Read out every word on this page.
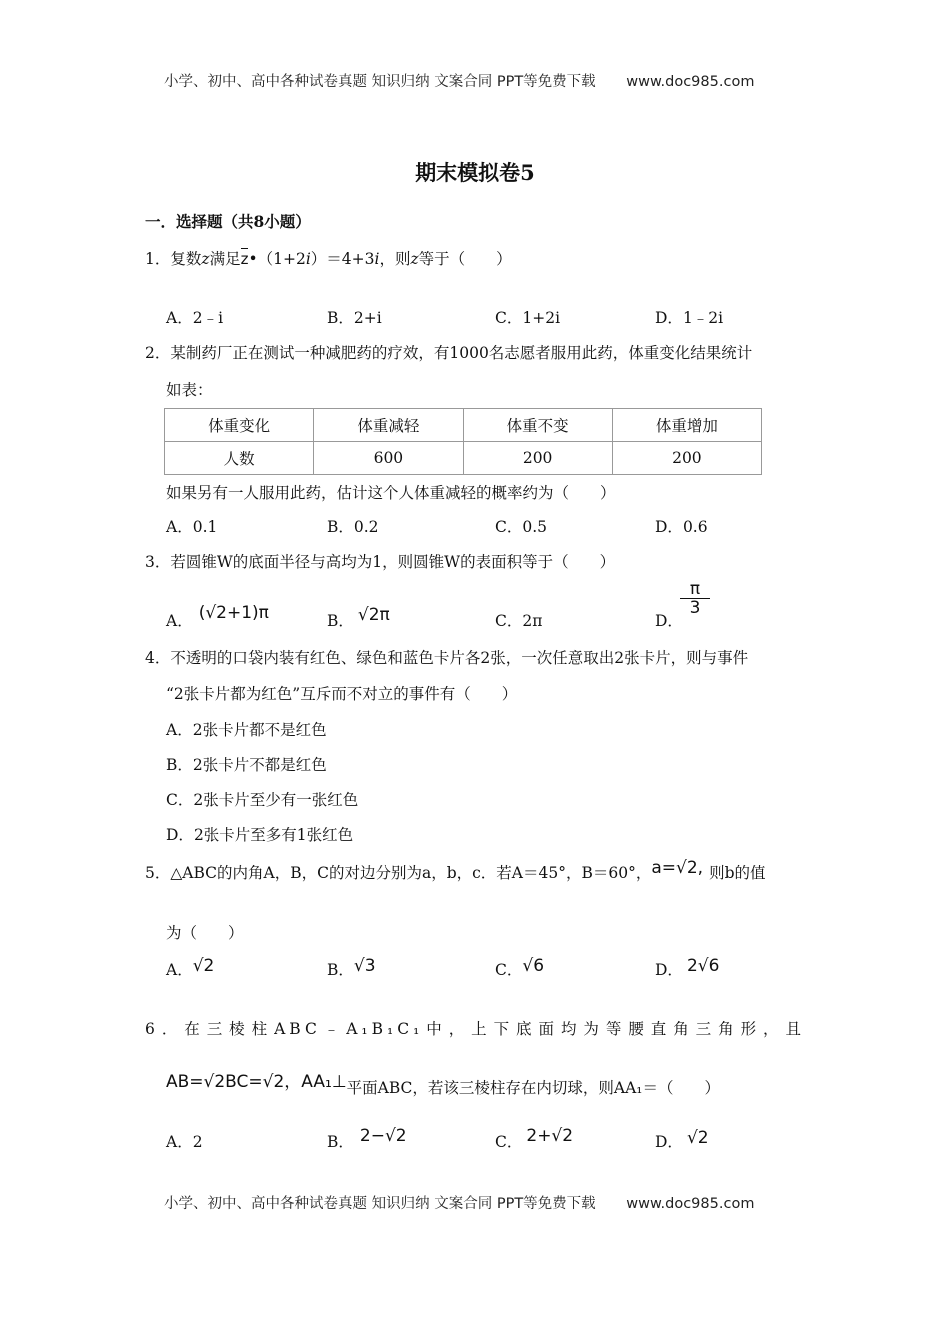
小学、初中、高中各种试卷真题 知识归纳 文案合同 PPT等免费下载 www.doc985.com
期末模拟卷5
一．选择题（共8小题）
1．复数z满足z•（1+2i）＝4+3i，则z等于（　　）
A．2﹣i	B．2+i	C．1+2i	D．1﹣2i
2．某制药厂正在测试一种减肥药的疗效，有1000名志愿者服用此药，体重变化结果统计
如表：
体重变化	体重减轻	体重不变	体重增加
人数	600	200	200
如果另有一人服用此药，估计这个人体重减轻的概率约为（　　）
A．0.1	B．0.2	C．0.5	D．0.6
3．若圆锥W的底面半径与高均为1，则圆锥W的表面积等于（　　）
A． (√2+1)π	B． √2π	C．2π	D．
π
3
4．不透明的口袋内装有红色、绿色和蓝色卡片各2张，一次任意取出2张卡片，则与事件
“2张卡片都为红色”互斥而不对立的事件有（　　）
A．2张卡片都不是红色
B．2张卡片不都是红色
C．2张卡片至少有一张红色
D．2张卡片至多有1张红色
5．△ABC的内角A，B，C的对边分别为a，b，c．若A＝45°，B＝60°，a=√2, 则b的值
为（　　）
A．√2	B．√3	C．√6	D． 2√6
6．在三棱柱ABC﹣A₁B₁C₁中，上下底面均为等腰直角三角形，且
AB=√2BC=√2，AA₁⊥平面ABC，若该三棱柱存在内切球，则AA₁＝（　　）
A．2	B． 2−√2	C． 2+√2	D． √2
小学、初中、高中各种试卷真题 知识归纳 文案合同 PPT等免费下载 www.doc985.com
